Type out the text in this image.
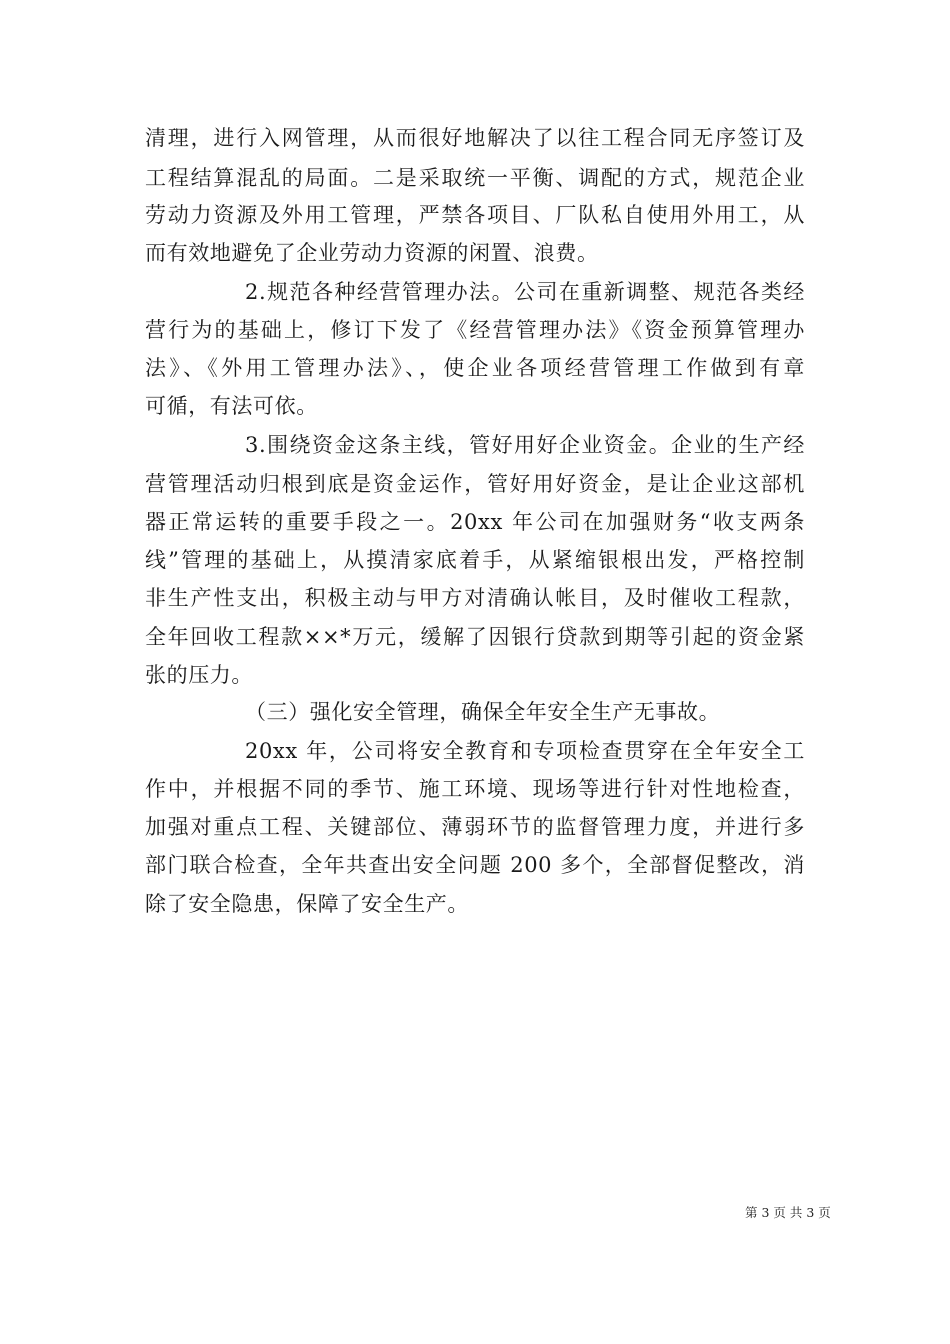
清理，进行入网管理，从而很好地解决了以往工程合同无序签订及
工程结算混乱的局面。二是采取统一平衡、调配的方式，规范企业
劳动力资源及外用工管理，严禁各项目、厂队私自使用外用工，从
而有效地避免了企业劳动力资源的闲置、浪费。
2.规范各种经营管理办法。公司在重新调整、规范各类经
营行为的基础上，修订下发了《经营管理办法》《资金预算管理办
法》、《外用工管理办法》、，使企业各项经营管理工作做到有章
可循，有法可依。
3.围绕资金这条主线，管好用好企业资金。企业的生产经
营管理活动归根到底是资金运作，管好用好资金，是让企业这部机
器正常运转的重要手段之一。20xx 年公司在加强财务“收支两条
线”管理的基础上，从摸清家底着手，从紧缩银根出发，严格控制
非生产性支出，积极主动与甲方对清确认帐目，及时催收工程款，
全年回收工程款××*万元，缓解了因银行贷款到期等引起的资金紧
张的压力。
（三）强化安全管理，确保全年安全生产无事故。
20xx 年，公司将安全教育和专项检查贯穿在全年安全工
作中，并根据不同的季节、施工环境、现场等进行针对性地检查，
加强对重点工程、关键部位、薄弱环节的监督管理力度，并进行多
部门联合检查，全年共查出安全问题 200 多个，全部督促整改，消
除了安全隐患，保障了安全生产。
第 3 页 共 3 页
